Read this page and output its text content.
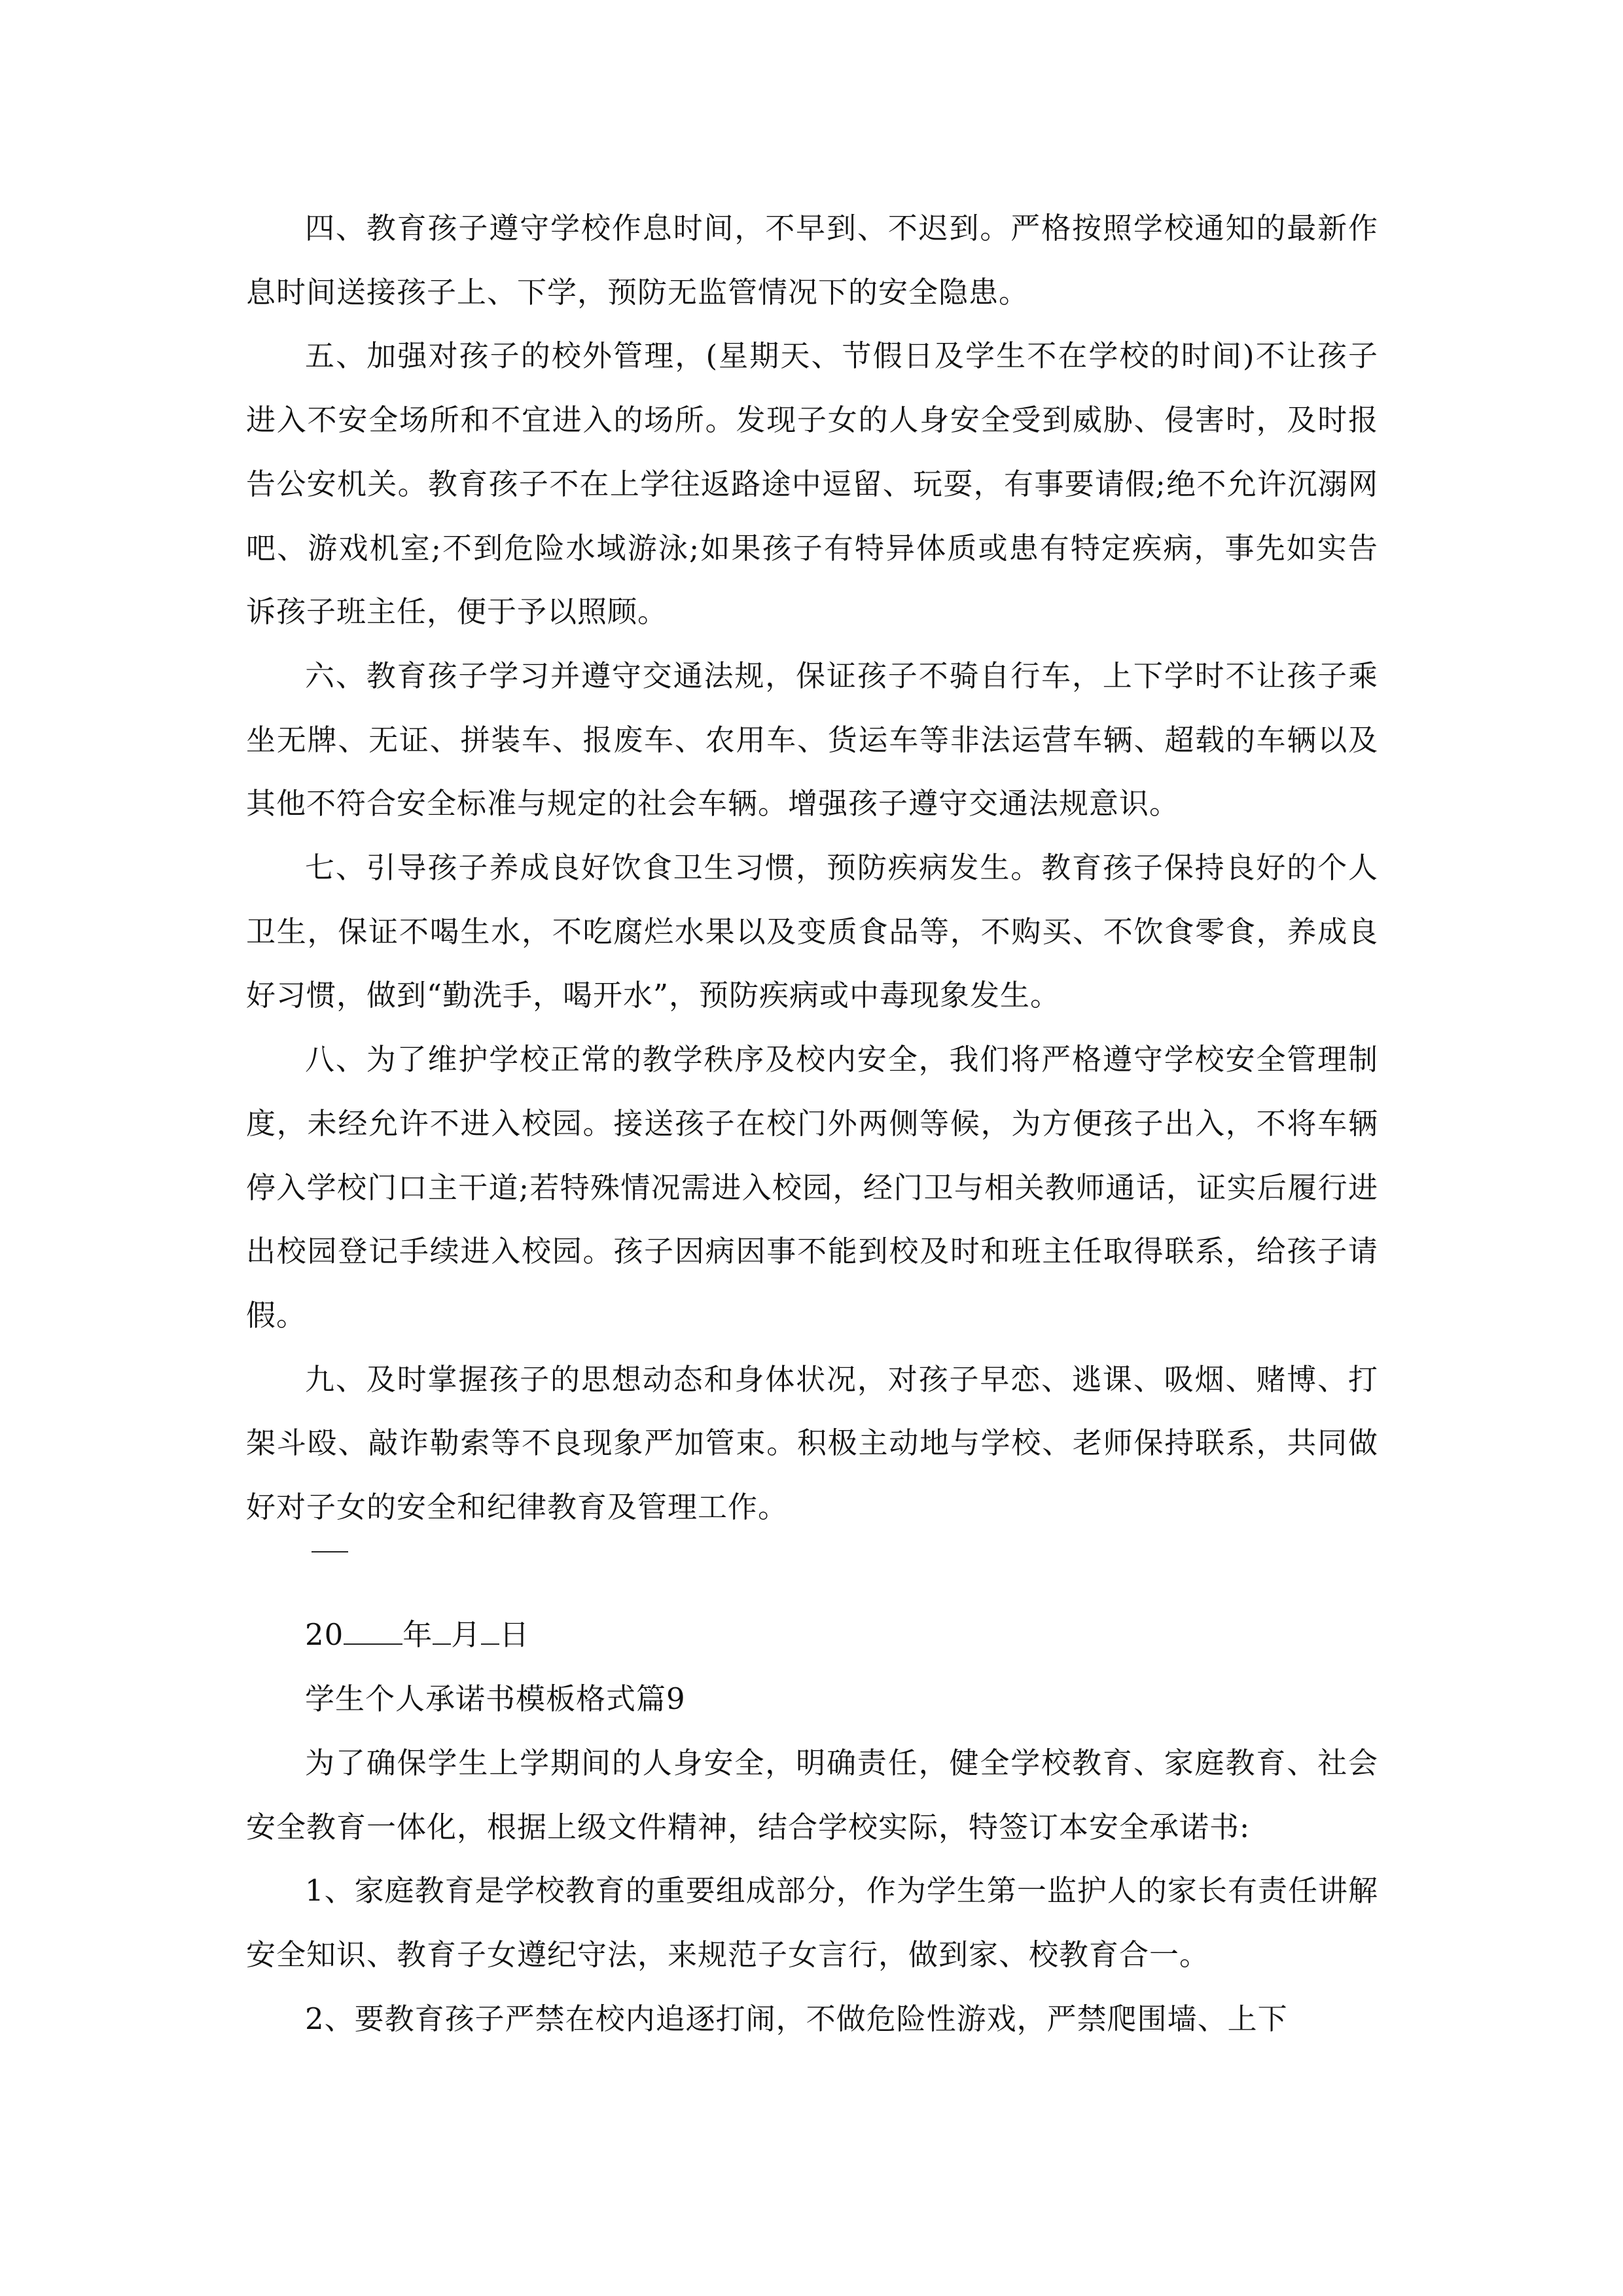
四、教育孩子遵守学校作息时间，不早到、不迟到。严格按照学校通知的最新作息时间送接孩子上、下学，预防无监管情况下的安全隐患。

五、加强对孩子的校外管理，(星期天、节假日及学生不在学校的时间)不让孩子进入不安全场所和不宜进入的场所。发现子女的人身安全受到威胁、侵害时，及时报告公安机关。教育孩子不在上学往返路途中逗留、玩耍，有事要请假;绝不允许沉溺网吧、游戏机室;不到危险水域游泳;如果孩子有特异体质或患有特定疾病，事先如实告诉孩子班主任，便于予以照顾。

六、教育孩子学习并遵守交通法规，保证孩子不骑自行车，上下学时不让孩子乘坐无牌、无证、拼装车、报废车、农用车、货运车等非法运营车辆、超载的车辆以及其他不符合安全标准与规定的社会车辆。增强孩子遵守交通法规意识。

七、引导孩子养成良好饮食卫生习惯，预防疾病发生。教育孩子保持良好的个人卫生，保证不喝生水，不吃腐烂水果以及变质食品等，不购买、不饮食零食，养成良好习惯，做到“勤洗手，喝开水”，预防疾病或中毒现象发生。

八、为了维护学校正常的教学秩序及校内安全，我们将严格遵守学校安全管理制度，未经允许不进入校园。接送孩子在校门外两侧等候，为方便孩子出入，不将车辆停入学校门口主干道;若特殊情况需进入校园，经门卫与相关教师通话，证实后履行进出校园登记手续进入校园。孩子因病因事不能到校及时和班主任取得联系，给孩子请假。

九、及时掌握孩子的思想动态和身体状况，对孩子早恋、逃课、吸烟、赌博、打架斗殴、敲诈勒索等不良现象严加管束。积极主动地与学校、老师保持联系，共同做好对子女的安全和纪律教育及管理工作。

20 年 月 日

学生个人承诺书模板格式篇9

为了确保学生上学期间的人身安全，明确责任，健全学校教育、家庭教育、社会安全教育一体化，根据上级文件精神，结合学校实际，特签订本安全承诺书:

1、家庭教育是学校教育的重要组成部分，作为学生第一监护人的家长有责任讲解安全知识、教育子女遵纪守法，来规范子女言行，做到家、校教育合一。

2、要教育孩子严禁在校内追逐打闹，不做危险性游戏，严禁爬围墙、上下
